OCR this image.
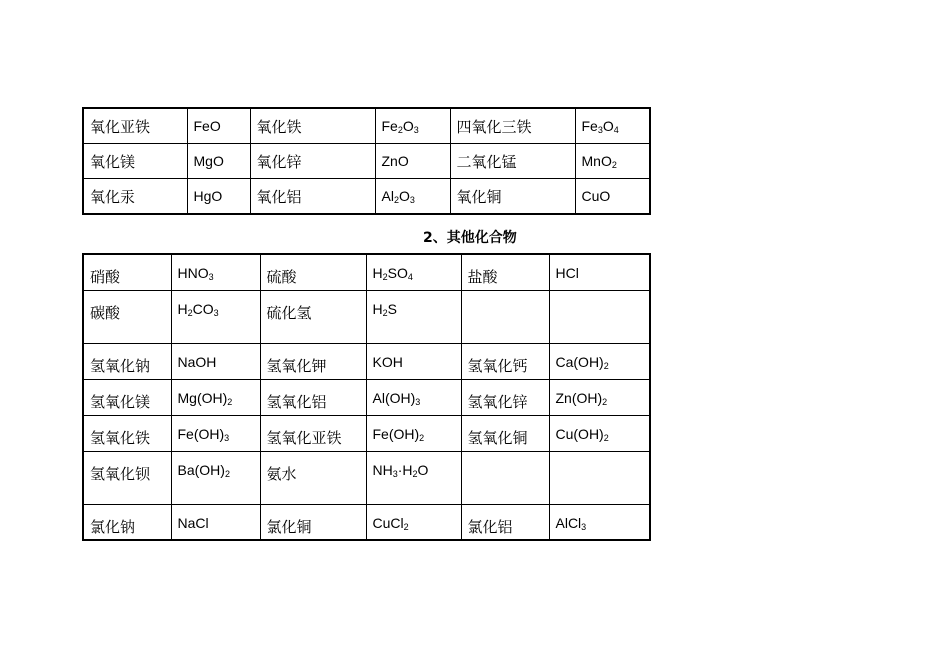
氧化亚铁	FeO	氧化铁	$Fe_2O_3$	四氧化三铁	$Fe_3O_4$
氧化镁	MgO	氧化锌	ZnO	二氧化锰	MnO$_2$
氧化汞	HgO	氧化铝	$Al_2O_3$	氧化铜	CuO
2、其他化合物
硝酸	$HNO_3$	硫酸	$H_2SO_4$	盐酸	HCl
碳酸	$H_2CO_3$	硫化氢	$H_2S$		
氢氧化钠	NaOH	氢氧化钾	KOH	氢氧化钙	$Ca(OH)_2$
氢氧化镁	$Mg(OH)_2$	氢氧化铝	$Al(OH)_3$	氢氧化锌	$Zn(OH)_2$
氢氧化铁	$Fe(OH)_3$	氢氧化亚铁	$Fe(OH)_2$	氢氧化铜	$Cu(OH)_2$
氢氧化钡	$Ba(OH)_2$	氨水	$NH_3\cdot H_2O$		
氯化钠	NaCl	氯化铜	CuCl$_2$	氯化铝	AlCl$_3$
